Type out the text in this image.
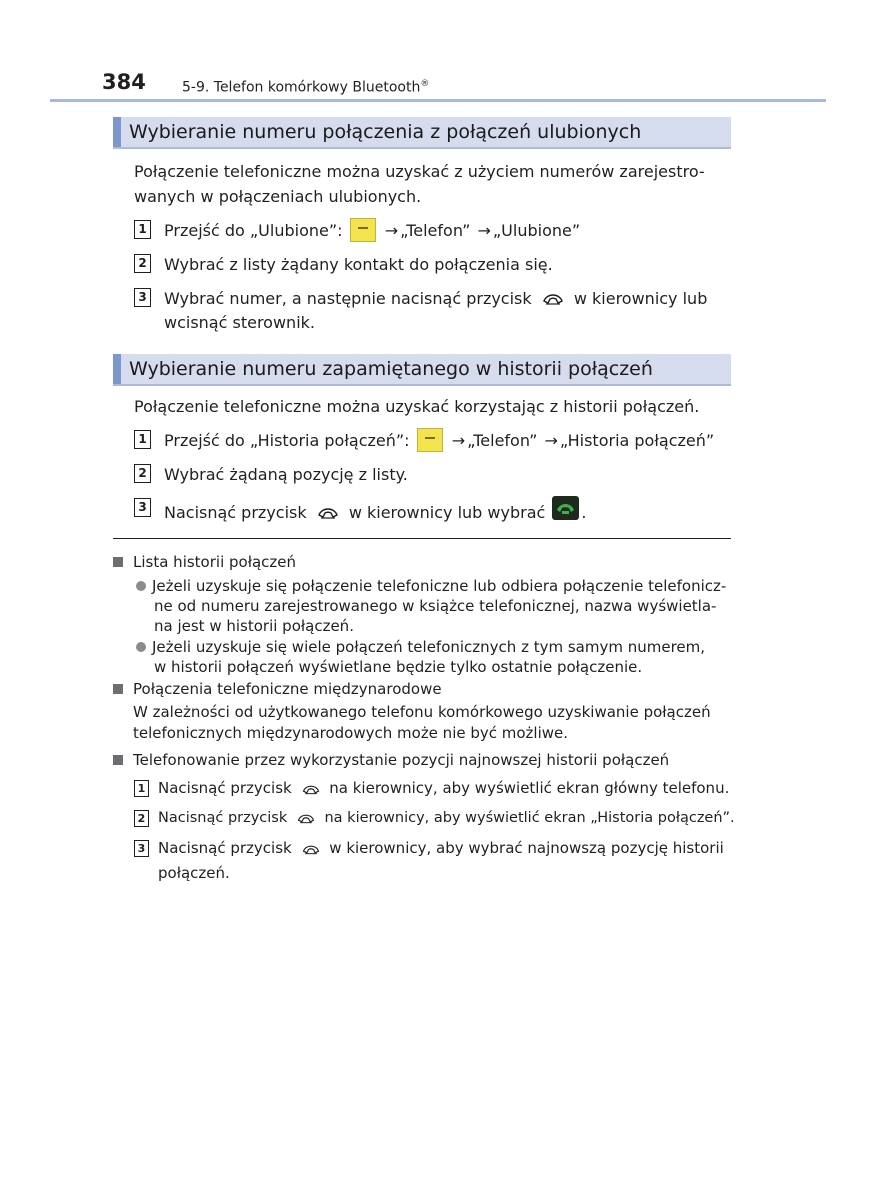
384	5-9. Telefon komórkowy Bluetooth®
Wybieranie numeru połączenia z połączeń ulubionych
Połączenie telefoniczne można uzyskać z użyciem numerów zarejestro-
wanych w połączeniach ulubionych.
1 Przejść do „Ulubione”:	→ „Telefon” → „Ulubione”
2 Wybrać z listy żądany kontakt do połączenia się.
3 Wybrać numer, a następnie nacisnąć przycisk	w kierownicy lub
wcisnąć sterownik.
Wybieranie numeru zapamiętanego w historii połączeń
Połączenie telefoniczne można uzyskać korzystając z historii połączeń.
1 Przejść do „Historia połączeń”:	→ „Telefon” → „Historia połączeń”
2 Wybrać żądaną pozycję z listy.
3 Nacisnąć przycisk	w kierownicy lub wybrać .
Lista historii połączeń
Jeżeli uzyskuje się połączenie telefoniczne lub odbiera połączenie telefonicz-
ne od numeru zarejestrowanego w książce telefonicznej, nazwa wyświetla-
na jest w historii połączeń.
Jeżeli uzyskuje się wiele połączeń telefonicznych z tym samym numerem,
w historii połączeń wyświetlane będzie tylko ostatnie połączenie.
Połączenia telefoniczne międzynarodowe
W zależności od użytkowanego telefonu komórkowego uzyskiwanie połączeń
telefonicznych międzynarodowych może nie być możliwe.
Telefonowanie przez wykorzystanie pozycji najnowszej historii połączeń
1 Nacisnąć przycisk	na kierownicy, aby wyświetlić ekran główny telefonu.
2 Nacisnąć przycisk	na kierownicy, aby wyświetlić ekran „Historia połączeń”.
3 Nacisnąć przycisk	w kierownicy, aby wybrać najnowszą pozycję historii
połączeń.
